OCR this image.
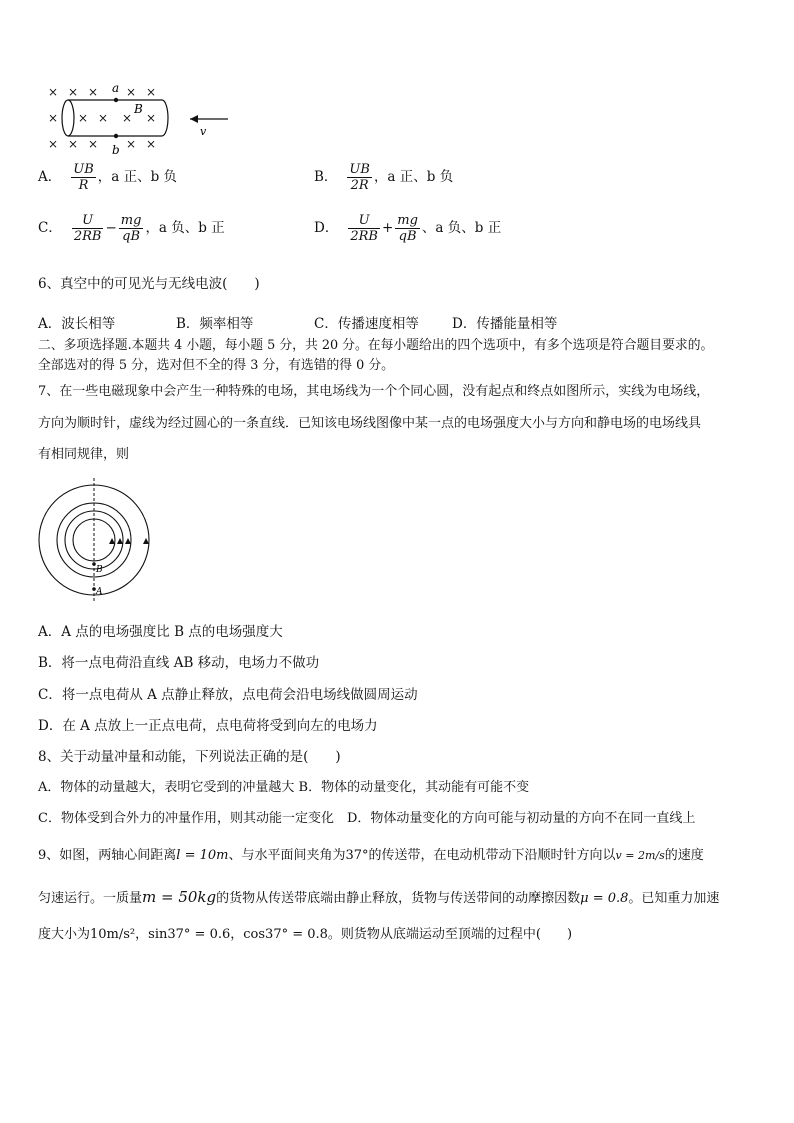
× × × × ×
× × × × ×
× × × × ×
a
b
B
v
A． $\frac{UB}{R}$ ，a 正、b 负	B． $\frac{UB}{2R}$ ，a 正、b 负
C． $\frac{U}{2RB} - \frac{mg}{qB}$ ，a 负、b 正	D． $\frac{U}{2RB} + \frac{mg}{qB}$ 、a 负、b 正
6、真空中的可见光与无线电波(　　)
A．波长相等	B．频率相等	C．传播速度相等 D．传播能量相等
二、多项选择题.本题共 4 小题，每小题 5 分，共 20 分。在每小题给出的四个选项中，有多个选项是符合题目要求的。
全部选对的得 5 分，选对但不全的得 3 分，有选错的得 0 分。
7、在一些电磁现象中会产生一种特殊的电场，其电场线为一个个同心圆，没有起点和终点如图所示，实线为电场线，
方向为顺时针，虚线为经过圆心的一条直线．已知该电场线图像中某一点的电场强度大小与方向和静电场的电场线具
有相同规律，则
B
A
A．A 点的电场强度比 B 点的电场强度大
B．将一点电荷沿直线 AB 移动，电场力不做功
C．将一点电荷从 A 点静止释放，点电荷会沿电场线做圆周运动
D．在 A 点放上一正点电荷，点电荷将受到向左的电场力
8、关于动量冲量和动能，下列说法正确的是(　　)
A．物体的动量越大，表明它受到的冲量越大 B．物体的动量变化，其动能有可能不变
C．物体受到合外力的冲量作用，则其动能一定变化　D．物体动量变化的方向可能与初动量的方向不在同一直线上
9、如图，两轴心间距离l = 10m、与水平面间夹角为37°的传送带，在电动机带动下沿顺时针方向以v = 2m/s的速度
匀速运行。一质量m = 50kg的货物从传送带底端由静止释放，货物与传送带间的动摩擦因数μ = 0.8。已知重力加速
度大小为10m/s²，sin37° = 0.6，cos37° = 0.8。则货物从底端运动至顶端的过程中(　　)
